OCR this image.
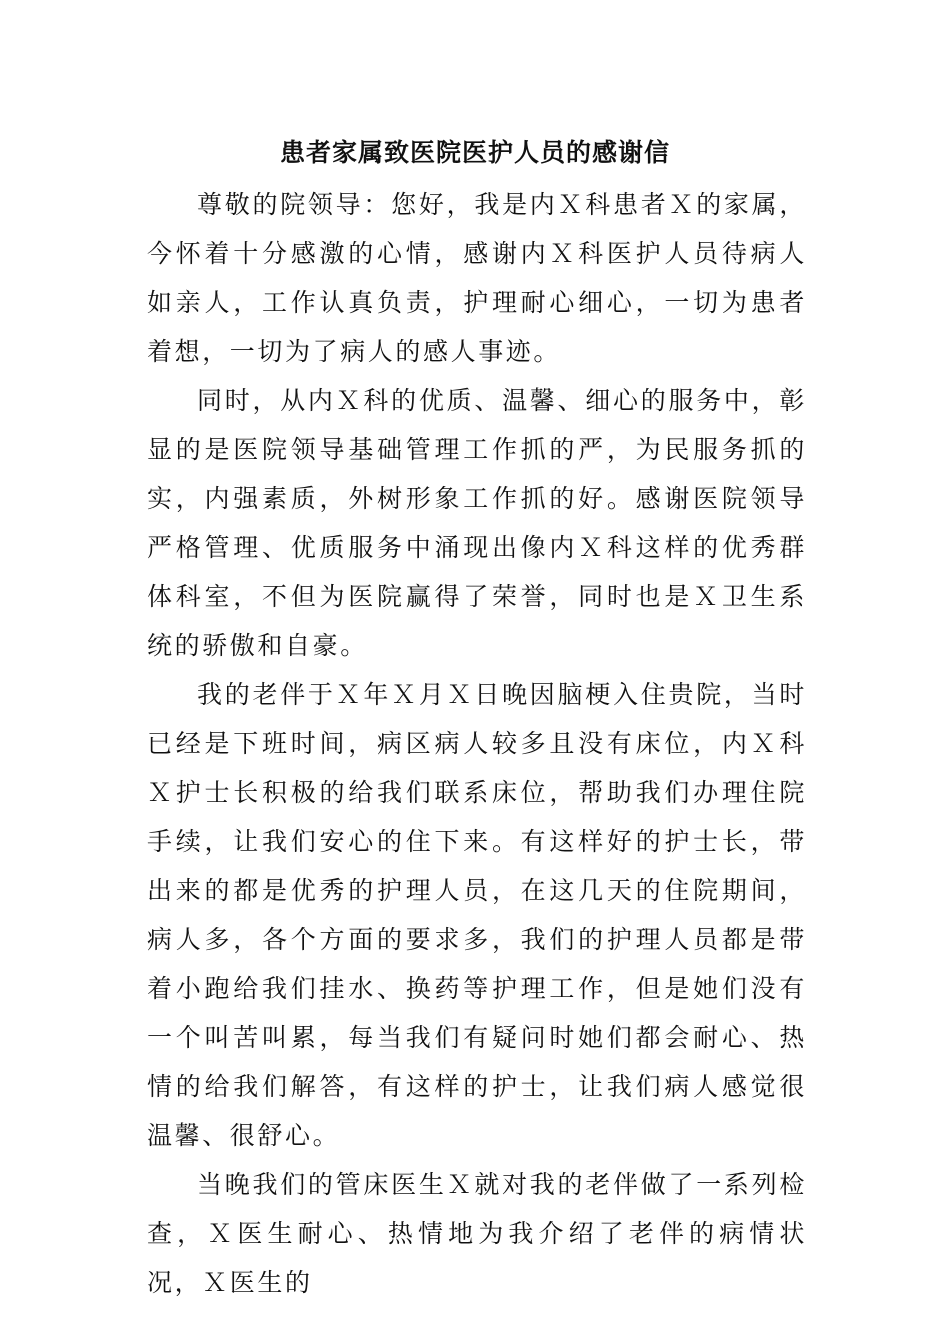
患者家属致医院医护人员的感谢信

尊敬的院领导：您好，我是内Ｘ科患者Ｘ的家属，今怀着十分感激的心情，感谢内Ｘ科医护人员待病人如亲人，工作认真负责，护理耐心细心，一切为患者着想，一切为了病人的感人事迹。

同时，从内Ｘ科的优质、温馨、细心的服务中，彰显的是医院领导基础管理工作抓的严，为民服务抓的实，内强素质，外树形象工作抓的好。感谢医院领导严格管理、优质服务中涌现出像内Ｘ科这样的优秀群体科室，不但为医院赢得了荣誉，同时也是Ｘ卫生系统的骄傲和自豪。

我的老伴于Ｘ年Ｘ月Ｘ日晚因脑梗入住贵院，当时已经是下班时间，病区病人较多且没有床位，内Ｘ科Ｘ护士长积极的给我们联系床位，帮助我们办理住院手续，让我们安心的住下来。有这样好的护士长，带出来的都是优秀的护理人员，在这几天的住院期间，病人多，各个方面的要求多，我们的护理人员都是带着小跑给我们挂水、换药等护理工作，但是她们没有一个叫苦叫累，每当我们有疑问时她们都会耐心、热情的给我们解答，有这样的护士，让我们病人感觉很温馨、很舒心。

当晚我们的管床医生Ｘ就对我的老伴做了一系列检查，Ｘ医生耐心、热情地为我介绍了老伴的病情状况，Ｘ医生的
